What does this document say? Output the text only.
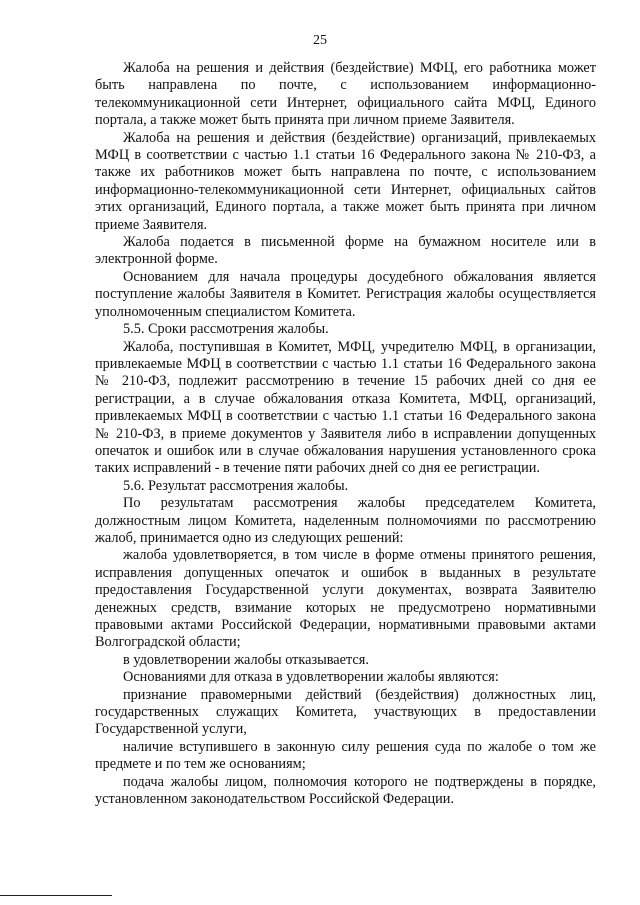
25

Жалоба на решения и действия (бездействие) МФЦ, его работника может быть направлена по почте, с использованием информационно-телекоммуникационной сети Интернет, официального сайта МФЦ, Единого портала, а также может быть принята при личном приеме Заявителя.

Жалоба на решения и действия (бездействие) организаций, привлекаемых МФЦ в соответствии с частью 1.1 статьи 16 Федерального закона № 210-ФЗ, а также их работников может быть направлена по почте, с использованием информационно-телекоммуникационной сети Интернет, официальных сайтов этих организаций, Единого портала, а также может быть принята при личном приеме Заявителя.

Жалоба подается в письменной форме на бумажном носителе или в электронной форме.

Основанием для начала процедуры досудебного обжалования является поступление жалобы Заявителя в Комитет. Регистрация жалобы осуществляется уполномоченным специалистом Комитета.

5.5. Сроки рассмотрения жалобы.

Жалоба, поступившая в Комитет, МФЦ, учредителю МФЦ, в организации, привлекаемые МФЦ в соответствии с частью 1.1 статьи 16 Федерального закона № 210-ФЗ, подлежит рассмотрению в течение 15 рабочих дней со дня ее регистрации, а в случае обжалования отказа Комитета, МФЦ, организаций, привлекаемых МФЦ в соответствии с частью 1.1 статьи 16 Федерального закона № 210-ФЗ, в приеме документов у Заявителя либо в исправлении допущенных опечаток и ошибок или в случае обжалования нарушения установленного срока таких исправлений - в течение пяти рабочих дней со дня ее регистрации.

5.6. Результат рассмотрения жалобы.

По результатам рассмотрения жалобы председателем Комитета, должностным лицом Комитета, наделенным полномочиями по рассмотрению жалоб, принимается одно из следующих решений:

жалоба удовлетворяется, в том числе в форме отмены принятого решения, исправления допущенных опечаток и ошибок в выданных в результате предоставления Государственной услуги документах, возврата Заявителю денежных средств, взимание которых не предусмотрено нормативными правовыми актами Российской Федерации, нормативными правовыми актами Волгоградской области;

в удовлетворении жалобы отказывается.

Основаниями для отказа в удовлетворении жалобы являются:

признание правомерными действий (бездействия) должностных лиц, государственных служащих Комитета, участвующих в предоставлении Государственной услуги,

наличие вступившего в законную силу решения суда по жалобе о том же предмете и по тем же основаниям;

подача жалобы лицом, полномочия которого не подтверждены в порядке, установленном законодательством Российской Федерации.
